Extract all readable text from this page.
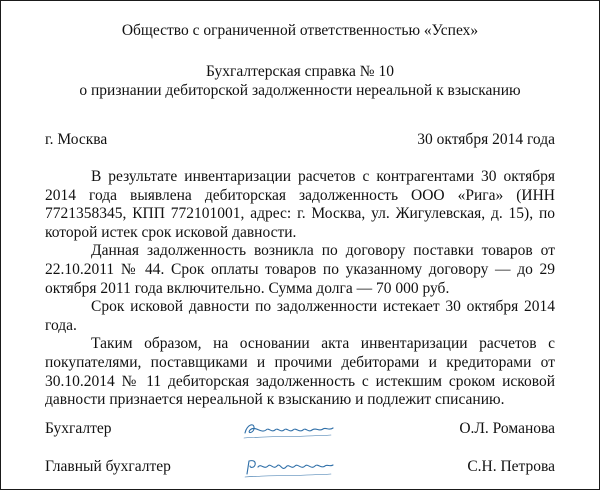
Общество с ограниченной ответственностью «Успех»
Бухгалтерская справка № 10
о признании дебиторской задолженности нереальной к взысканию
г. Москва	30 октября 2014 года

В результате инвентаризации расчетов с контрагентами 30 октября 2014 года выявлена дебиторская задолженность ООО «Рига» (ИНН 7721358345, КПП 772101001, адрес: г. Москва, ул. Жигулевская, д. 15), по которой истек срок исковой давности.

Данная задолженность возникла по договору поставки товаров от 22.10.2011 № 44. Срок оплаты товаров по указанному договору — до 29 октября 2011 года включительно. Сумма долга — 70 000 руб.

Срок исковой давности по задолженности истекает 30 октября 2014 года.

Таким образом, на основании акта инвентаризации расчетов с покупателями, поставщиками и прочими дебиторами и кредиторами от 30.10.2014 № 11 дебиторская задолженность с истекшим сроком исковой давности признается нереальной к взысканию и подлежит списанию.

Бухгалтер	О.Л. Романова
Главный бухгалтер	С.Н. Петрова
